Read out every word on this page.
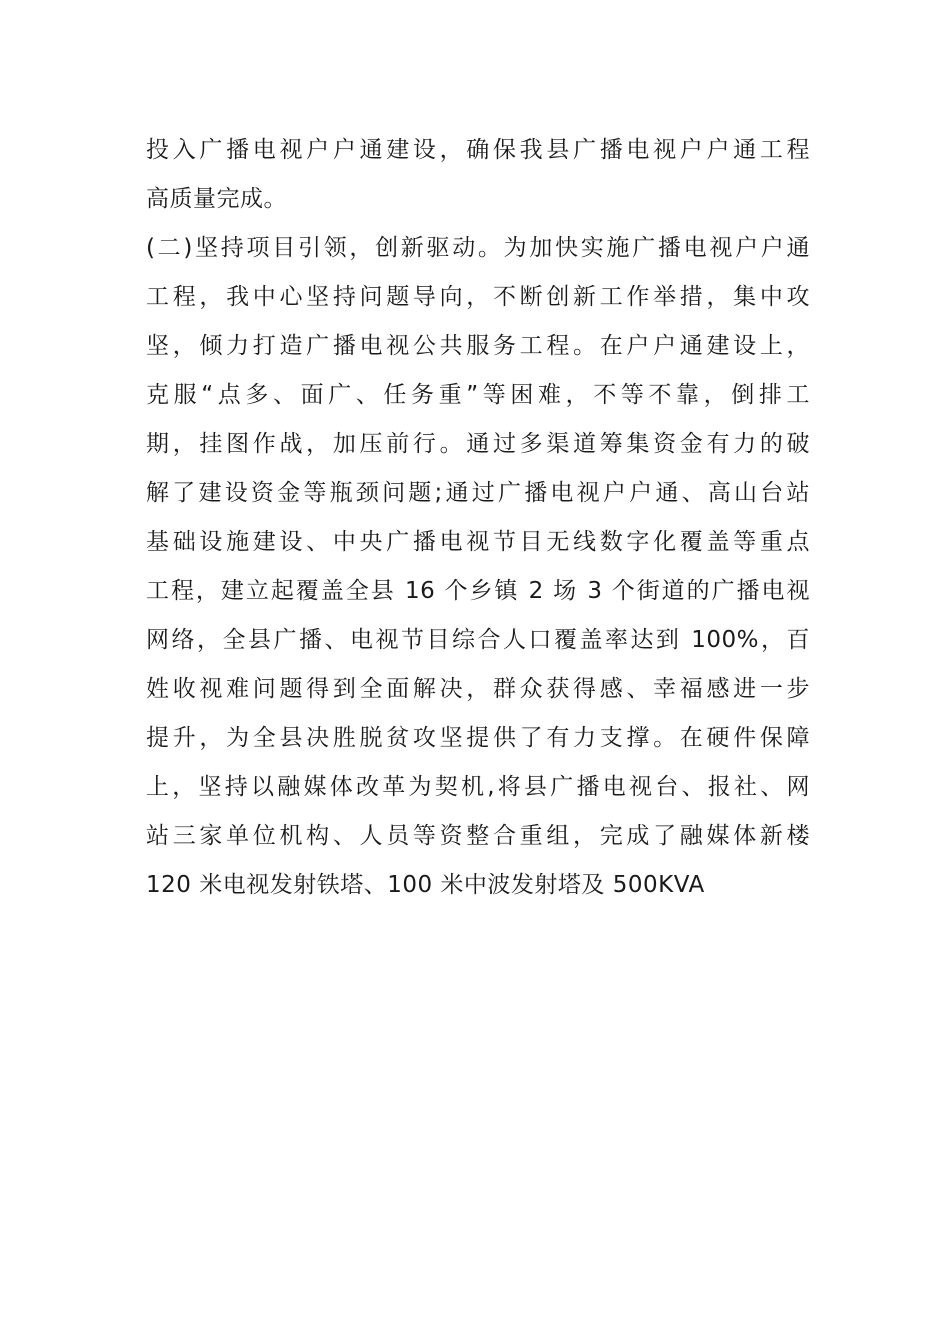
投入广播电视户户通建设，确保我县广播电视户户通工程
高质量完成。
(二)坚持项目引领，创新驱动。为加快实施广播电视户户通
工程，我中心坚持问题导向，不断创新工作举措，集中攻
坚，倾力打造广播电视公共服务工程。在户户通建设上，
克服“点多、面广、任务重”等困难，不等不靠，倒排工
期，挂图作战，加压前行。通过多渠道筹集资金有力的破
解了建设资金等瓶颈问题;通过广播电视户户通、高山台站
基础设施建设、中央广播电视节目无线数字化覆盖等重点
工程，建立起覆盖全县 16 个乡镇 2 场 3 个街道的广播电视
网络，全县广播、电视节目综合人口覆盖率达到 100%，百
姓收视难问题得到全面解决，群众获得感、幸福感进一步
提升，为全县决胜脱贫攻坚提供了有力支撑。在硬件保障
上，坚持以融媒体改革为契机,将县广播电视台、报社、网
站三家单位机构、人员等资整合重组，完成了融媒体新楼
120 米电视发射铁塔、100 米中波发射塔及 500KVA
